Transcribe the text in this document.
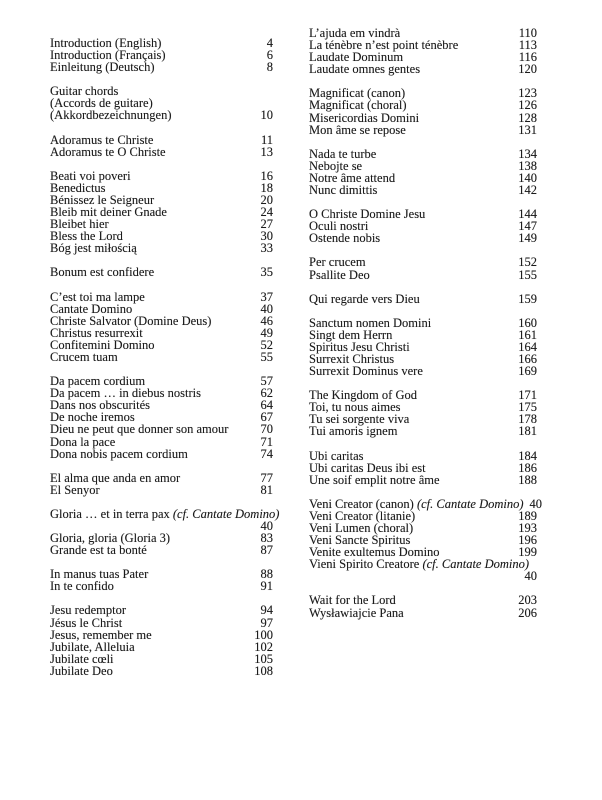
Introduction (English)	4
Introduction (Français)	6
Einleitung (Deutsch)	8
Guitar chords
(Accords de guitare)
(Akkordbezeichnungen)	10
Adoramus te Christe	11
Adoramus te O Christe	13
Beati voi poveri	16
Benedictus	18
Bénissez le Seigneur	20
Bleib mit deiner Gnade	24
Bleibet hier	27
Bless the Lord	30
Bóg jest miłością	33
Bonum est confidere	35
C’est toi ma lampe	37
Cantate Domino	40
Christe Salvator (Domine Deus)	46
Christus resurrexit	49
Confitemini Domino	52
Crucem tuam	55
Da pacem cordium	57
Da pacem … in diebus nostris	62
Dans nos obscurités	64
De noche iremos	67
Dieu ne peut que donner son amour	70
Dona la pace	71
Dona nobis pacem cordium	74
El alma que anda en amor	77
El Senyor	81
Gloria … et in terra pax (cf. Cantate Domino)
40
Gloria, gloria (Gloria 3)	83
Grande est ta bonté	87
In manus tuas Pater	88
In te confido	91
Jesu redemptor	94
Jésus le Christ	97
Jesus, remember me	100
Jubilate, Alleluia	102
Jubilate cœli	105
Jubilate Deo	108
L’ajuda em vindrà	110
La ténèbre n’est point ténèbre	113
Laudate Dominum	116
Laudate omnes gentes	120
Magnificat (canon)	123
Magnificat (choral)	126
Misericordias Domini	128
Mon âme se repose	131
Nada te turbe	134
Nebojte se	138
Notre âme attend	140
Nunc dimittis	142
O Christe Domine Jesu	144
Oculi nostri	147
Ostende nobis	149
Per crucem	152
Psallite Deo	155
Qui regarde vers Dieu	159
Sanctum nomen Domini	160
Singt dem Herrn	161
Spiritus Jesu Christi	164
Surrexit Christus	166
Surrexit Dominus vere	169
The Kingdom of God	171
Toi, tu nous aimes	175
Tu sei sorgente viva	178
Tui amoris ignem	181
Ubi caritas	184
Ubi caritas Deus ibi est	186
Une soif emplit notre âme	188
Veni Creator (canon) (cf. Cantate Domino) 40
Veni Creator (litanie)	189
Veni Lumen (choral)	193
Veni Sancte Spiritus	196
Venite exultemus Domino	199
Vieni Spirito Creatore (cf. Cantate Domino)
40
Wait for the Lord	203
Wysławiajcie Pana	206
